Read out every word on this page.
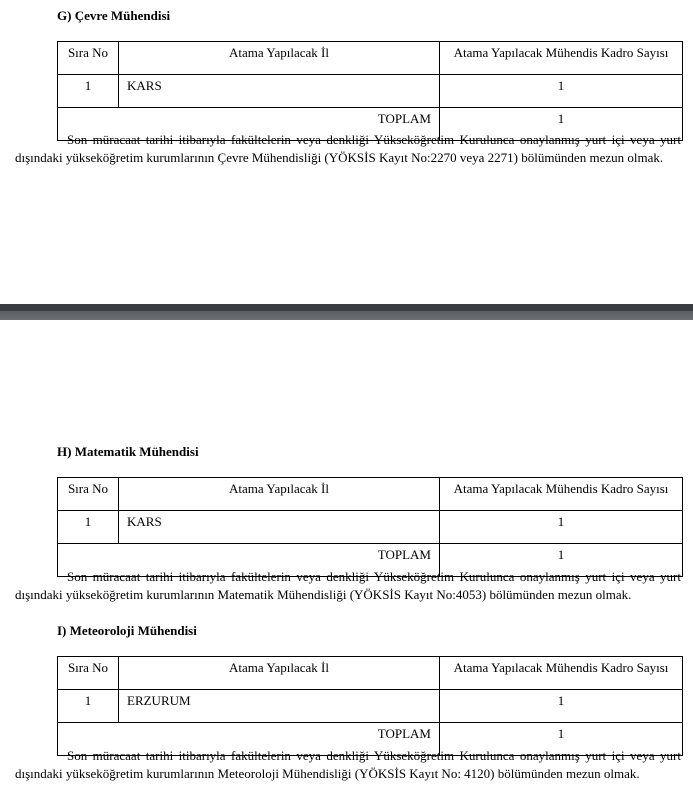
G) Çevre Mühendisi
Sıra No	Atama Yapılacak İl	Atama Yapılacak Mühendis Kadro Sayısı
1	KARS	1
TOPLAM		1
Son müracaat tarihi itibarıyla fakültelerin veya denkliği Yükseköğretim Kurulunca onaylanmış yurt içi veya yurt dışındaki yükseköğretim kurumlarının Çevre Mühendisliği (YÖKSİS Kayıt No:2270 veya 2271) bölümünden mezun olmak.
H) Matematik Mühendisi
Sıra No	Atama Yapılacak İl	Atama Yapılacak Mühendis Kadro Sayısı
1	KARS	1
TOPLAM		1
Son müracaat tarihi itibarıyla fakültelerin veya denkliği Yükseköğretim Kurulunca onaylanmış yurt içi veya yurt dışındaki yükseköğretim kurumlarının Matematik Mühendisliği (YÖKSİS Kayıt No:4053) bölümünden mezun olmak.
I) Meteoroloji Mühendisi
Sıra No	Atama Yapılacak İl	Atama Yapılacak Mühendis Kadro Sayısı
1	ERZURUM	1
TOPLAM		1
Son müracaat tarihi itibarıyla fakültelerin veya denkliği Yükseköğretim Kurulunca onaylanmış yurt içi veya yurt dışındaki yükseköğretim kurumlarının Meteoroloji Mühendisliği (YÖKSİS Kayıt No: 4120) bölümünden mezun olmak.
